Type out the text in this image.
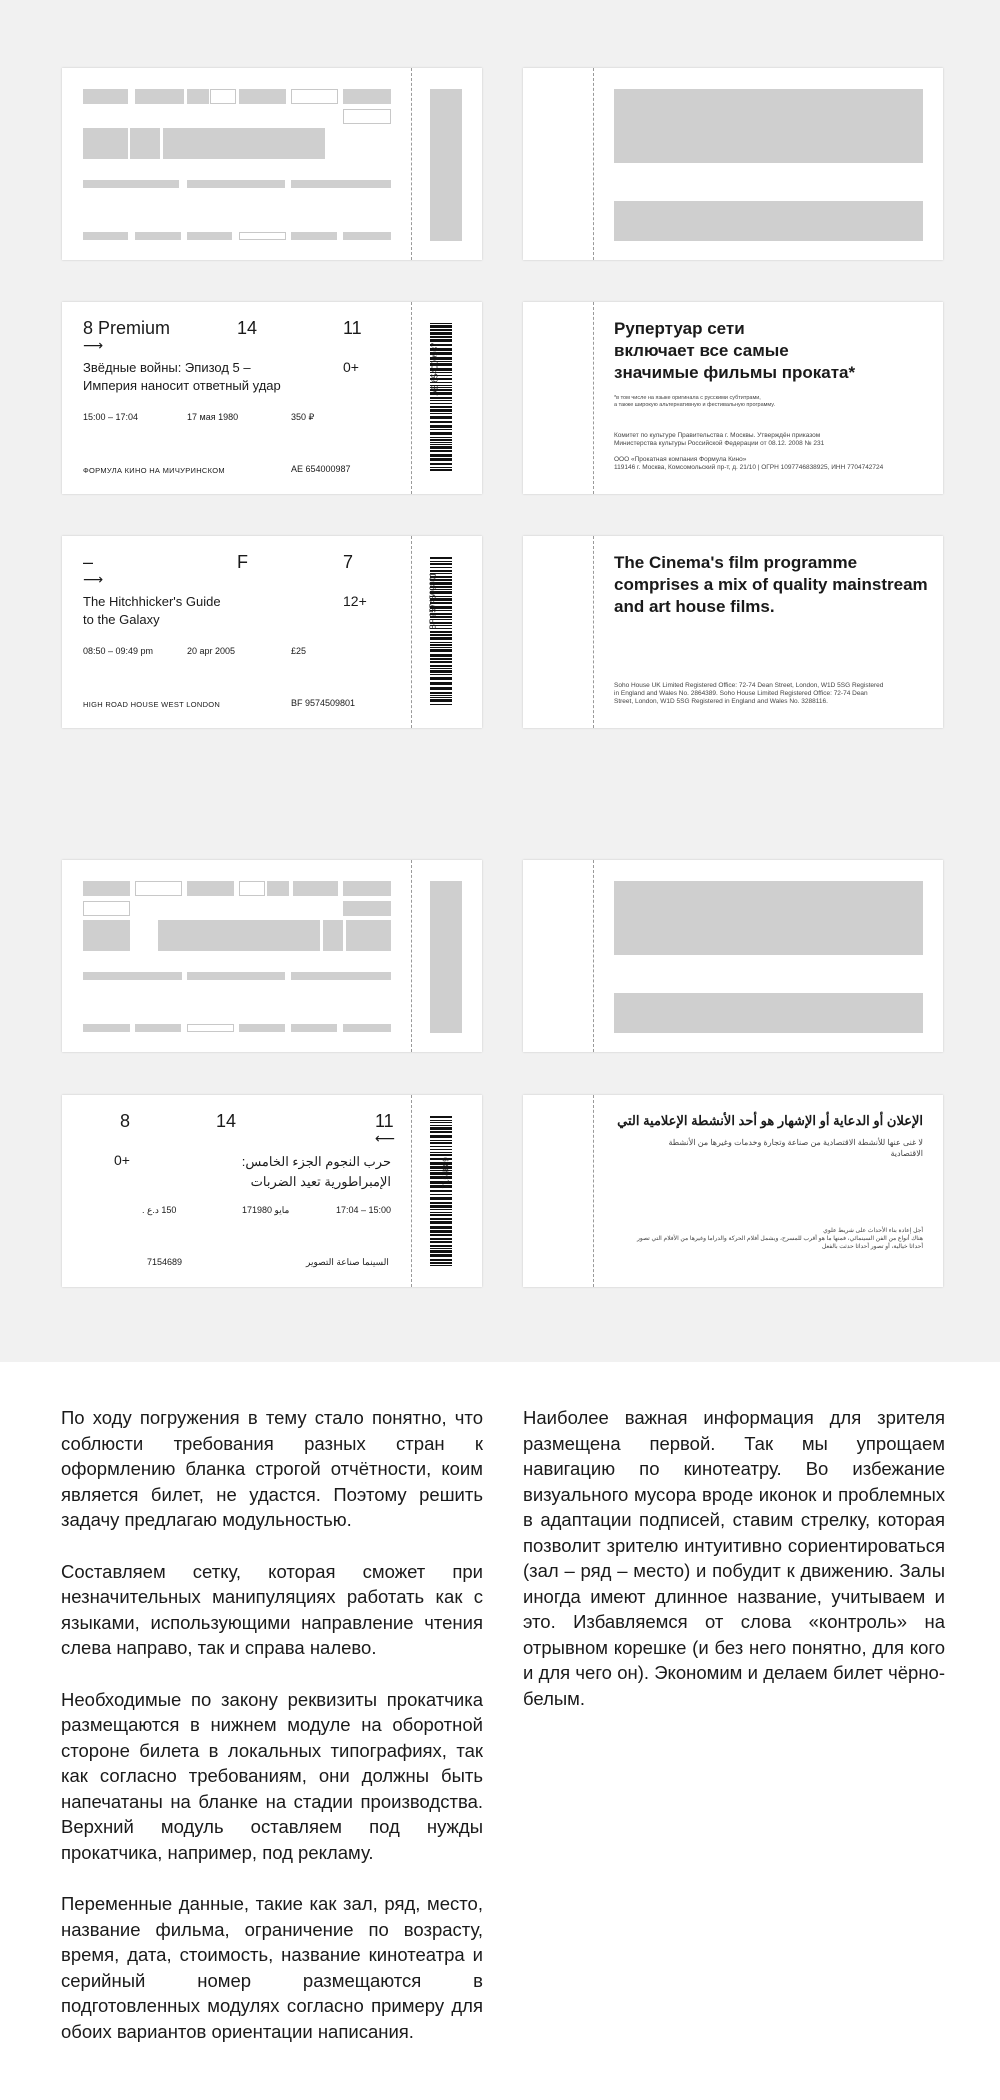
8 Premium	14	11
⟶
Звёдные войны: Эпизод 5 –
Империя наносит ответный удар
0+
15:00 – 17:04	17 мая 1980	350 ₽
ФОРМУЛА КИНО НА МИЧУРИНСКОМ	AE 654000987
AE 654000987
Рупертуар сети
включает все самые
значимые фильмы проката*
*в том числе на языке оригинала с русскими субтитрами,
а также широкую альтернативную и фестивальную программу.
Комитет по культуре Правительства г. Москвы. Утверждён приказом
Министерства культуры Российской Федерации от 08.12. 2008 № 231
ООО «Прокатная компания Формула Кино»
119146 г. Москва, Комсомольский пр-т, д. 21/10 | ОГРН 1097746838925, ИНН 7704742724
–	F	7
⟶
The Hitchhicker's Guide
to the Galaxy
12+
08:50 – 09:49 pm	20 apr 2005	£25
HIGH ROAD HOUSE WEST LONDON	BF 9574509801
BF 9574509801
The Cinema's film programme
comprises a mix of quality mainstream
and art house films.
Soho House UK Limited Registered Office: 72-74 Dean Street, London, W1D 5SG Registered
in England and Wales No. 2864389. Soho House Limited Registered Office: 72-74 Dean
Street, London, W1D 5SG Registered in England and Wales No. 3288116.
8	14	11
⟵
0+	حرب النجوم الجزء الخامس:
الإمبراطورية تعيد الضربات
150 د.ع .	17مايو 1980	17:04 – 15:00
7154689	السينما صناعة التصوير
7154689
الإعلان أو الدعاية أو الإشهار هو أحد الأنشطة الإعلامية التي
لا غنى عنها للأنشطة الاقتصادية من صناعة وتجارة وخدمات وغيرها من الأنشطة
الاقتصادية
أجل إعادة بناء الأحداث على شريط علوي
هناك أنواع من الفن السينمائي، فمنها ما هو أقرب للمسرح، ويشمل أفلام الحركة والدراما وغيرها من الأفلام التي تصور
أحداثا خيالية، أو تصور أحداثا حدثت بالفعل

По ходу погружения в тему стало понятно, что соблюсти требования разных стран к оформлению бланка строгой отчётности, коим является билет, не удастся. Поэтому решить задачу предлагаю модульностью.

Составляем сетку, которая сможет при незначительных манипуляциях работать как с языками, использующими направление чтения слева направо, так и справа налево.

Необходимые по закону реквизиты прокатчика размещаются в нижнем модуле на оборотной стороне билета в локальных типографиях, так как согласно требованиям, они должны быть напечатаны на бланке на стадии производства. Верхний модуль оставляем под нужды прокатчика, например, под рекламу.

Переменные данные, такие как зал, ряд, место, название фильма, ограничение по возрасту, время, дата, стоимость, название кинотеатра и серийный номер размещаются в подготовленных модулях согласно примеру для обоих вариантов ориентации написания.

Наиболее важная информация для зрителя размещена первой. Так мы упрощаем навигацию по кинотеатру. Во избежание визуального мусора вроде иконок и проблемных в адаптации подписей, ставим стрелку, которая позволит зрителю интуитивно сориентироваться (зал – ряд – место) и побудит к движению. Залы иногда имеют длинное название, учитываем и это. Избавляемся от слова «контроль» на отрывном корешке (и без него понятно, для кого и для чего он). Экономим и делаем билет чёрно-белым.
